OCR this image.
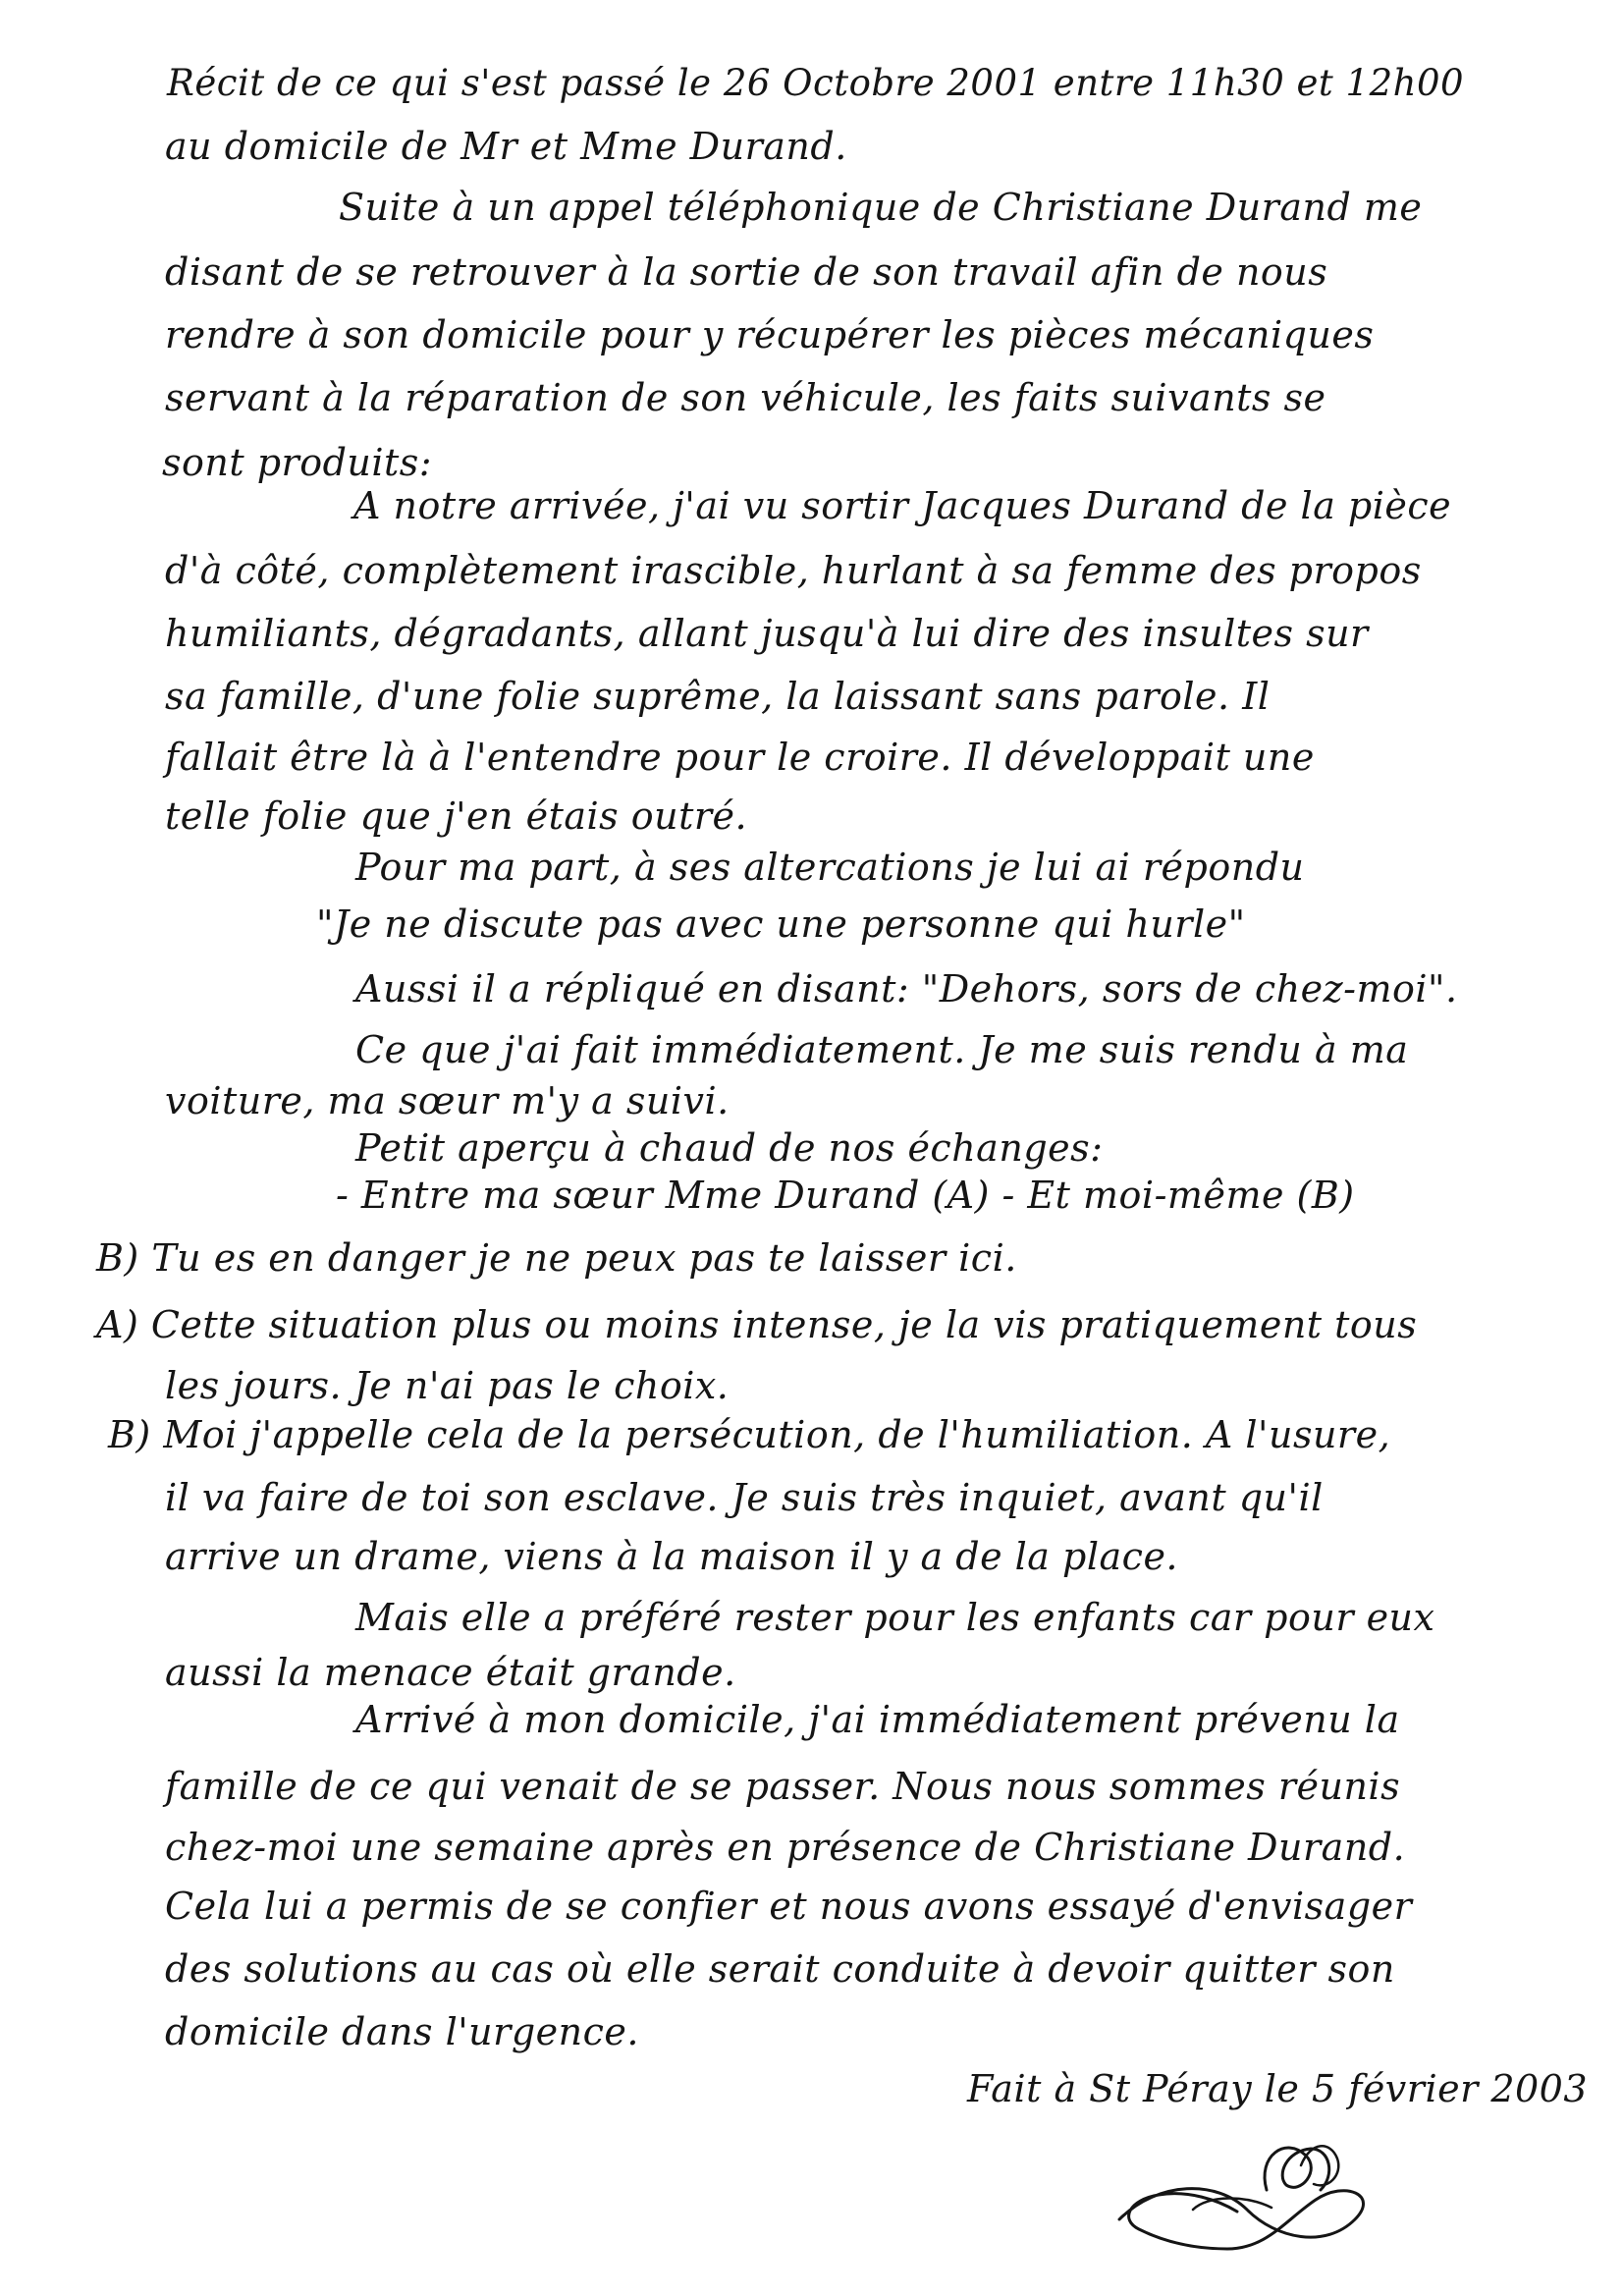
Récit de ce qui s'est passé le 26 Octobre 2001 entre 11h30 et 12h00
au domicile de Mr et Mme Durand.
Suite à un appel téléphonique de Christiane Durand me
disant de se retrouver à la sortie de son travail afin de nous
rendre à son domicile pour y récupérer les pièces mécaniques
servant à la réparation de son véhicule, les faits suivants se
sont produits:
A notre arrivée, j'ai vu sortir Jacques Durand de la pièce
d'à côté, complètement irascible, hurlant à sa femme des propos
humiliants, dégradants, allant jusqu'à lui dire des insultes sur
sa famille, d'une folie suprême, la laissant sans parole. Il
fallait être là à l'entendre pour le croire. Il développait une
telle folie que j'en étais outré.
Pour ma part, à ses altercations je lui ai répondu
"Je ne discute pas avec une personne qui hurle"
Aussi il a répliqué en disant: "Dehors, sors de chez-moi".
Ce que j'ai fait immédiatement. Je me suis rendu à ma
voiture, ma sœur m'y a suivi.
Petit aperçu à chaud de nos échanges:
- Entre ma sœur Mme Durand (A) - Et moi-même (B)
B) Tu es en danger je ne peux pas te laisser ici.
A) Cette situation plus ou moins intense, je la vis pratiquement tous
les jours. Je n'ai pas le choix.
B) Moi j'appelle cela de la persécution, de l'humiliation. A l'usure,
il va faire de toi son esclave. Je suis très inquiet, avant qu'il
arrive un drame, viens à la maison il y a de la place.
Mais elle a préféré rester pour les enfants car pour eux
aussi la menace était grande.
Arrivé à mon domicile, j'ai immédiatement prévenu la
famille de ce qui venait de se passer. Nous nous sommes réunis
chez-moi une semaine après en présence de Christiane Durand.
Cela lui a permis de se confier et nous avons essayé d'envisager
des solutions au cas où elle serait conduite à devoir quitter son
domicile dans l'urgence.
Fait à St Péray le 5 février 2003
